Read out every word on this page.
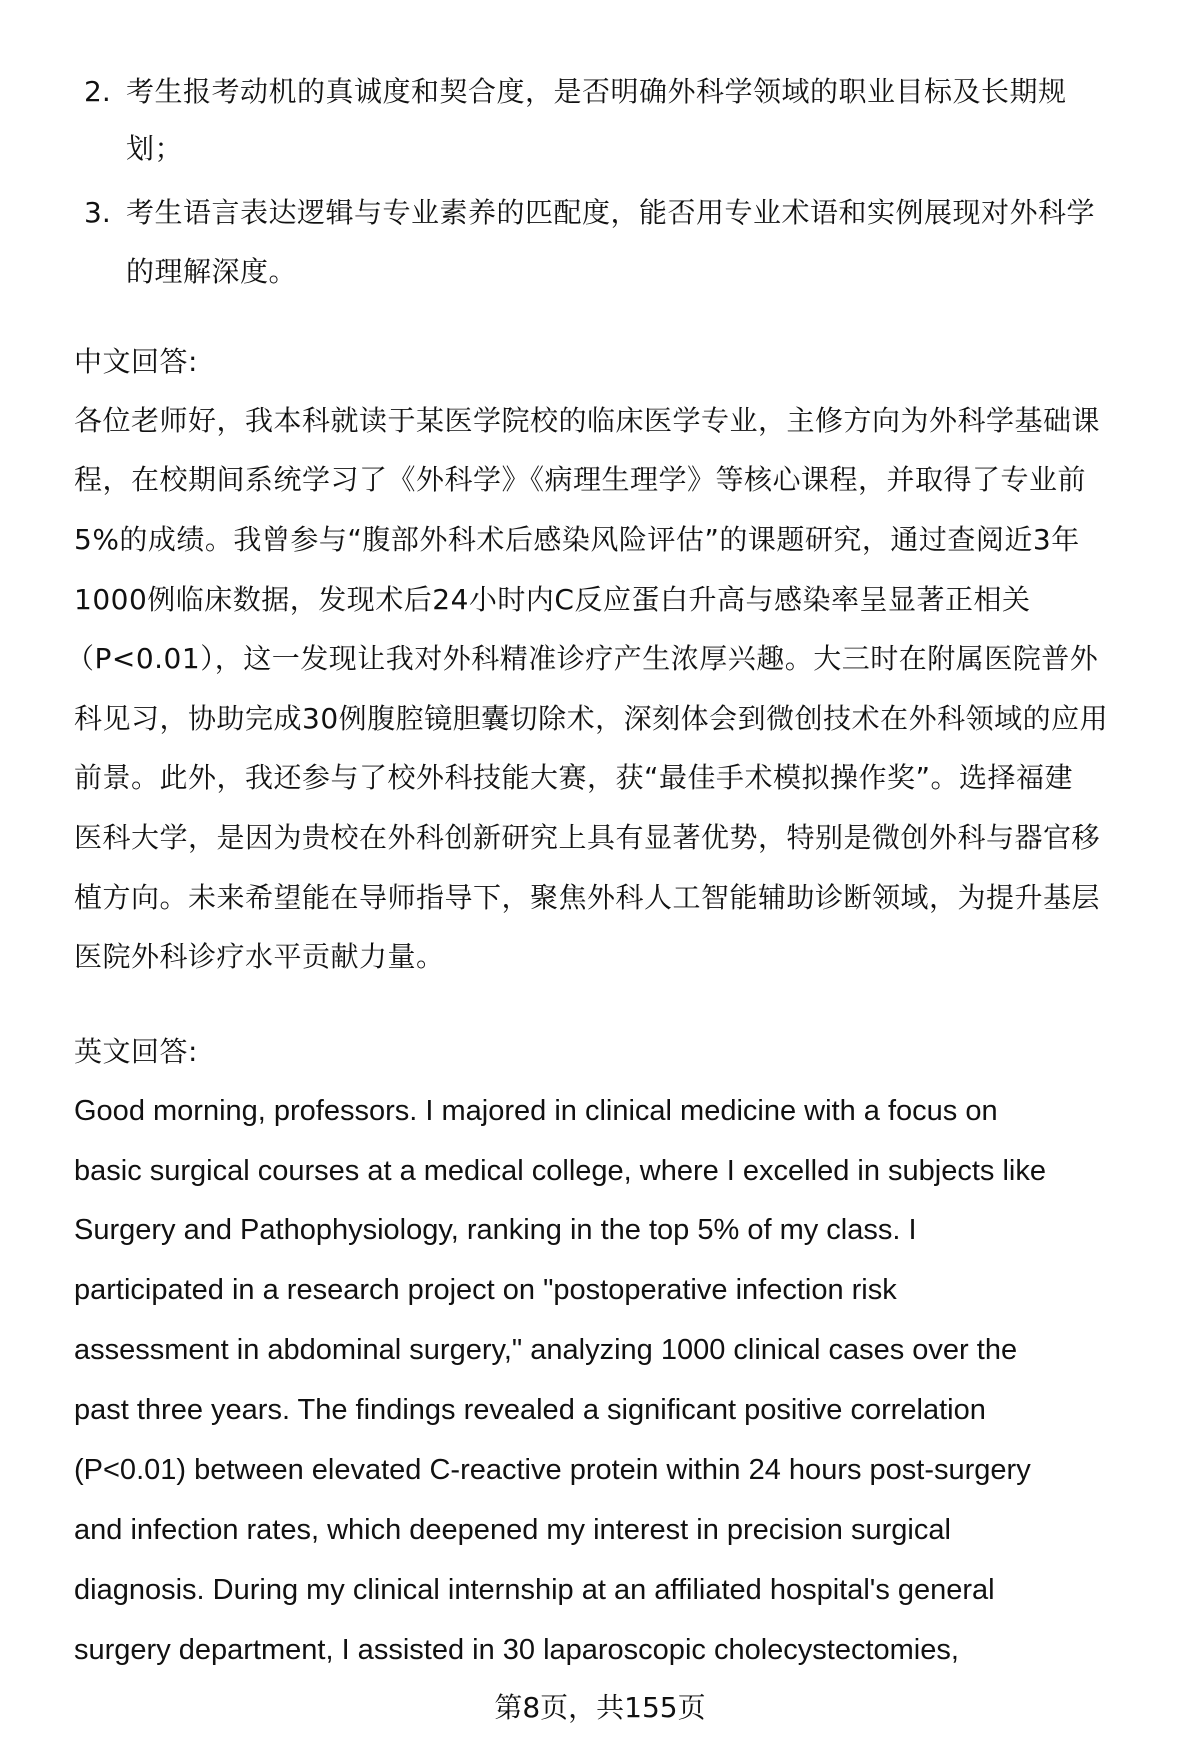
2. 考生报考动机的真诚度和契合度，是否明确外科学领域的职业目标及长期规
划；
3. 考生语言表达逻辑与专业素养的匹配度，能否用专业术语和实例展现对外科学
的理解深度。
中文回答:
各位老师好，我本科就读于某医学院校的临床医学专业，主修方向为外科学基础课
程，在校期间系统学习了《外科学》《病理生理学》等核心课程，并取得了专业前
5%的成绩。我曾参与“腹部外科术后感染风险评估”的课题研究，通过查阅近3年
1000例临床数据，发现术后24小时内C反应蛋白升高与感染率呈显著正相关
（P<0.01），这一发现让我对外科精准诊疗产生浓厚兴趣。大三时在附属医院普外
科见习，协助完成30例腹腔镜胆囊切除术，深刻体会到微创技术在外科领域的应用
前景。此外，我还参与了校外科技能大赛，获“最佳手术模拟操作奖”。选择福建
医科大学，是因为贵校在外科创新研究上具有显著优势，特别是微创外科与器官移
植方向。未来希望能在导师指导下，聚焦外科人工智能辅助诊断领域，为提升基层
医院外科诊疗水平贡献力量。
英文回答:
Good morning, professors. I majored in clinical medicine with a focus on
basic surgical courses at a medical college, where I excelled in subjects like
Surgery and Pathophysiology, ranking in the top 5% of my class. I
participated in a research project on "postoperative infection risk
assessment in abdominal surgery," analyzing 1000 clinical cases over the
past three years. The findings revealed a significant positive correlation
(P<0.01) between elevated C-reactive protein within 24 hours post-surgery
and infection rates, which deepened my interest in precision surgical
diagnosis. During my clinical internship at an affiliated hospital's general
surgery department, I assisted in 30 laparoscopic cholecystectomies,
第8页，共155页
